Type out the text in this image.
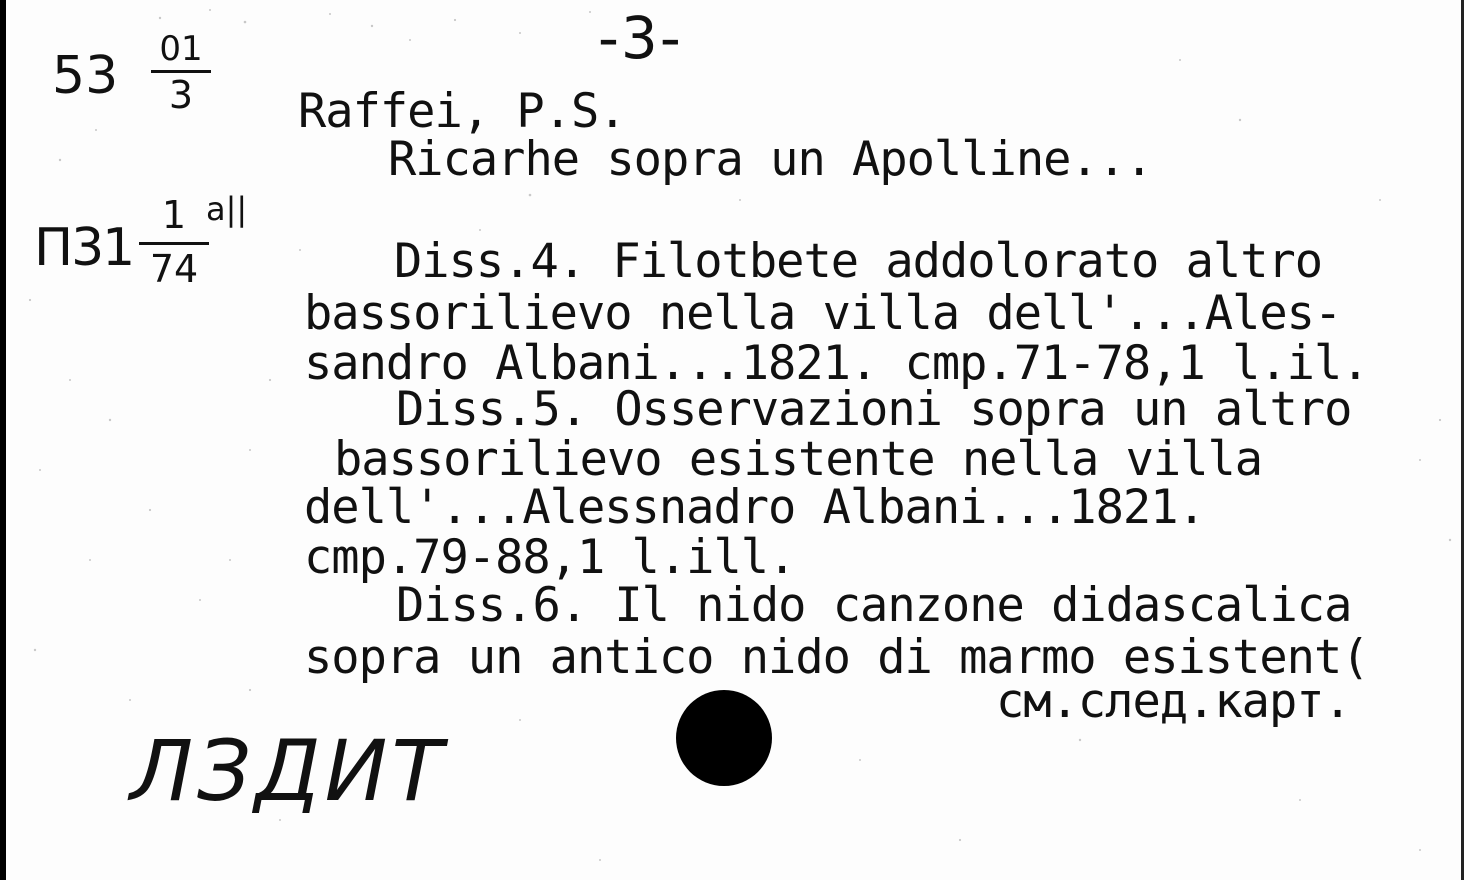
-3-
53	01
3
П31
1
74
a||
ЛЗДИТ
Raffei, P.S.
Ricarhe sopra un Apolline...
Diss.4. Filotbete addolorato altro
bassorilievo nella villa dell'...Ales-
sandro Albani...1821. cmp.71-78,1 l.il.
Diss.5. Osservazioni sopra un altro
bassorilievo esistente nella villa
dell'...Alessnadro Albani...1821.
cmp.79-88,1 l.ill.
Diss.6. Il nido canzone didascalica
sopra un antico nido di marmo esistent(
см.след.карт.
